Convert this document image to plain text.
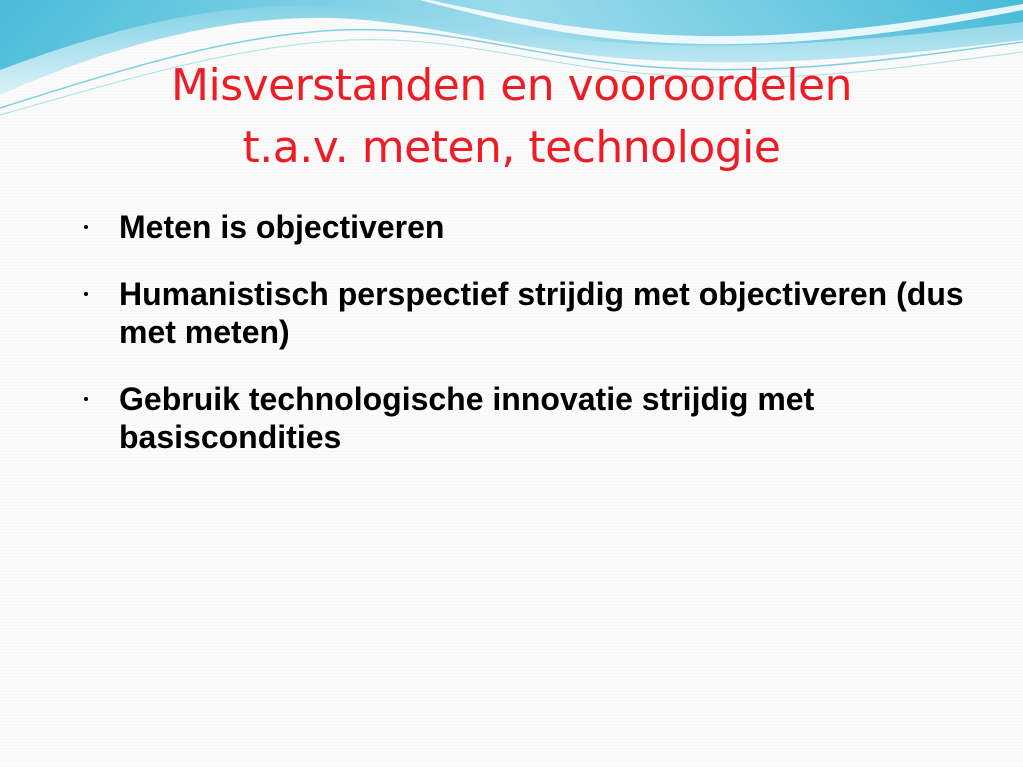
Misverstanden en vooroordelen
t.a.v. meten, technologie
Meten is objectiveren
Humanistisch perspectief strijdig met objectiveren (dus met meten)
Gebruik technologische innovatie strijdig met basiscondities
